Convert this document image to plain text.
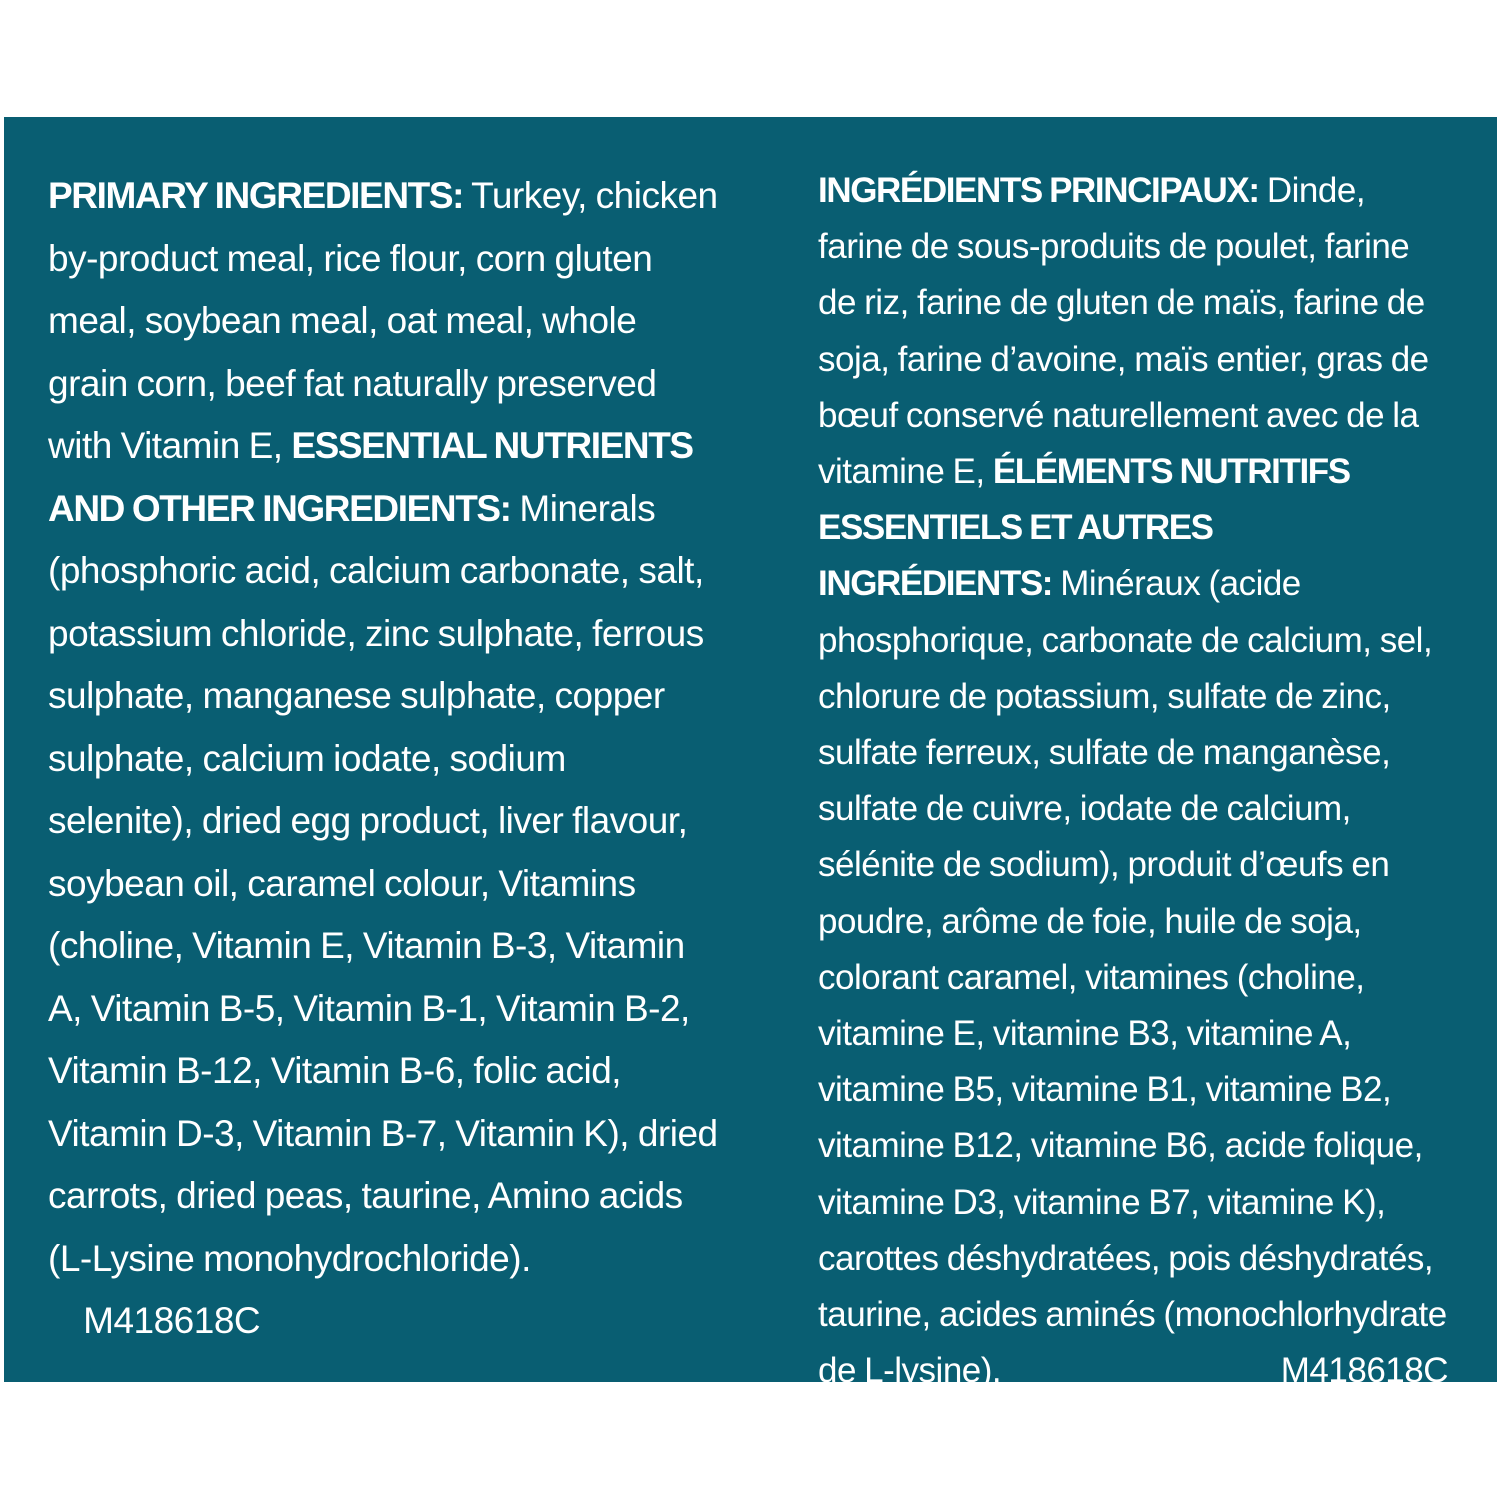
PRIMARY INGREDIENTS: Turkey, chicken by-product meal, rice flour, corn gluten meal, soybean meal, oat meal, whole grain corn, beef fat naturally preserved with Vitamin E, ESSENTIAL NUTRIENTS AND OTHER INGREDIENTS: Minerals (phosphoric acid, calcium carbonate, salt, potassium chloride, zinc sulphate, ferrous sulphate, manganese sulphate, copper sulphate, calcium iodate, sodium selenite), dried egg product, liver flavour, soybean oil, caramel colour, Vitamins (choline, Vitamin E, Vitamin B-3, Vitamin A, Vitamin B-5, Vitamin B-1, Vitamin B-2, Vitamin B-12, Vitamin B-6, folic acid, Vitamin D-3, Vitamin B-7, Vitamin K), dried carrots, dried peas, taurine, Amino acids (L-Lysine monohydrochloride).    M418618C

INGRÉDIENTS PRINCIPAUX: Dinde, farine de sous-produits de poulet, farine de riz, farine de gluten de maïs, farine de soja, farine d’avoine, maïs entier, gras de bœuf conservé naturellement avec de la vitamine E, ÉLÉMENTS NUTRITIFS ESSENTIELS ET AUTRES INGRÉDIENTS: Minéraux (acide phosphorique, carbonate de calcium, sel, chlorure de potassium, sulfate de zinc, sulfate ferreux, sulfate de manganèse, sulfate de cuivre, iodate de calcium, sélénite de sodium), produit d’œufs en poudre, arôme de foie, huile de soja, colorant caramel, vitamines (choline, vitamine E, vitamine B3, vitamine A, vitamine B5, vitamine B1, vitamine B2, vitamine B12, vitamine B6, acide folique, vitamine D3, vitamine B7, vitamine K), carottes déshydratées, pois déshydratés, taurine, acides aminés (monochlorhydrate de L-lysine).	M418618C
